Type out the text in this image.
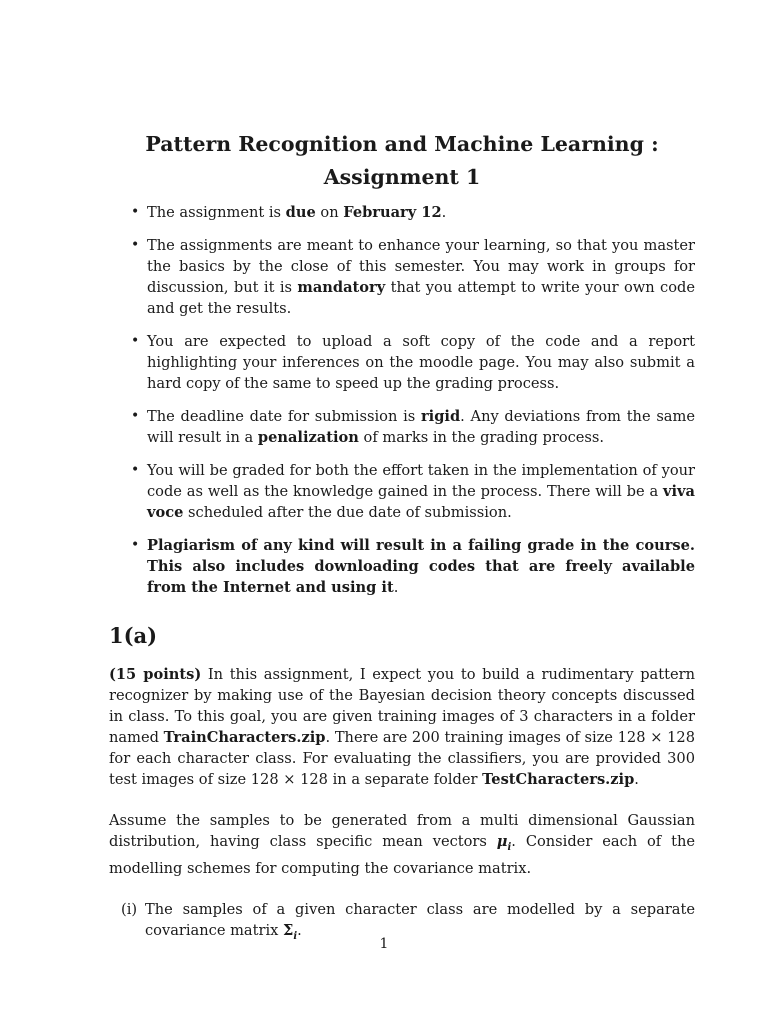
Pattern Recognition and Machine Learning :
Assignment 1
• The assignment is due on February 12.
• The assignments are meant to enhance your learning, so that you master the basics by the close of this semester. You may work in groups for discussion, but it is mandatory that you attempt to write your own code and get the results.
• You are expected to upload a soft copy of the code and a report highlighting your inferences on the moodle page. You may also submit a hard copy of the same to speed up the grading process.
• The deadline date for submission is rigid. Any deviations from the same will result in a penalization of marks in the grading process.
• You will be graded for both the effort taken in the implementation of your code as well as the knowledge gained in the process. There will be a viva voce scheduled after the due date of submission.
• Plagiarism of any kind will result in a failing grade in the course. This also includes downloading codes that are freely available from the Internet and using it.
1(a)

(15 points) In this assignment, I expect you to build a rudimentary pattern recognizer by making use of the Bayesian decision theory concepts discussed in class. To this goal, you are given training images of 3 characters in a folder named TrainCharacters.zip. There are 200 training images of size 128 × 128 for each character class. For evaluating the classifiers, you are provided 300 test images of size 128 × 128 in a separate folder TestCharacters.zip.

Assume the samples to be generated from a multi dimensional Gaussian distribution, having class specific mean vectors $\mu_i$. Consider each of the modelling schemes for computing the covariance matrix.

(i) The samples of a given character class are modelled by a separate covariance matrix $\Sigma_i$.
1
